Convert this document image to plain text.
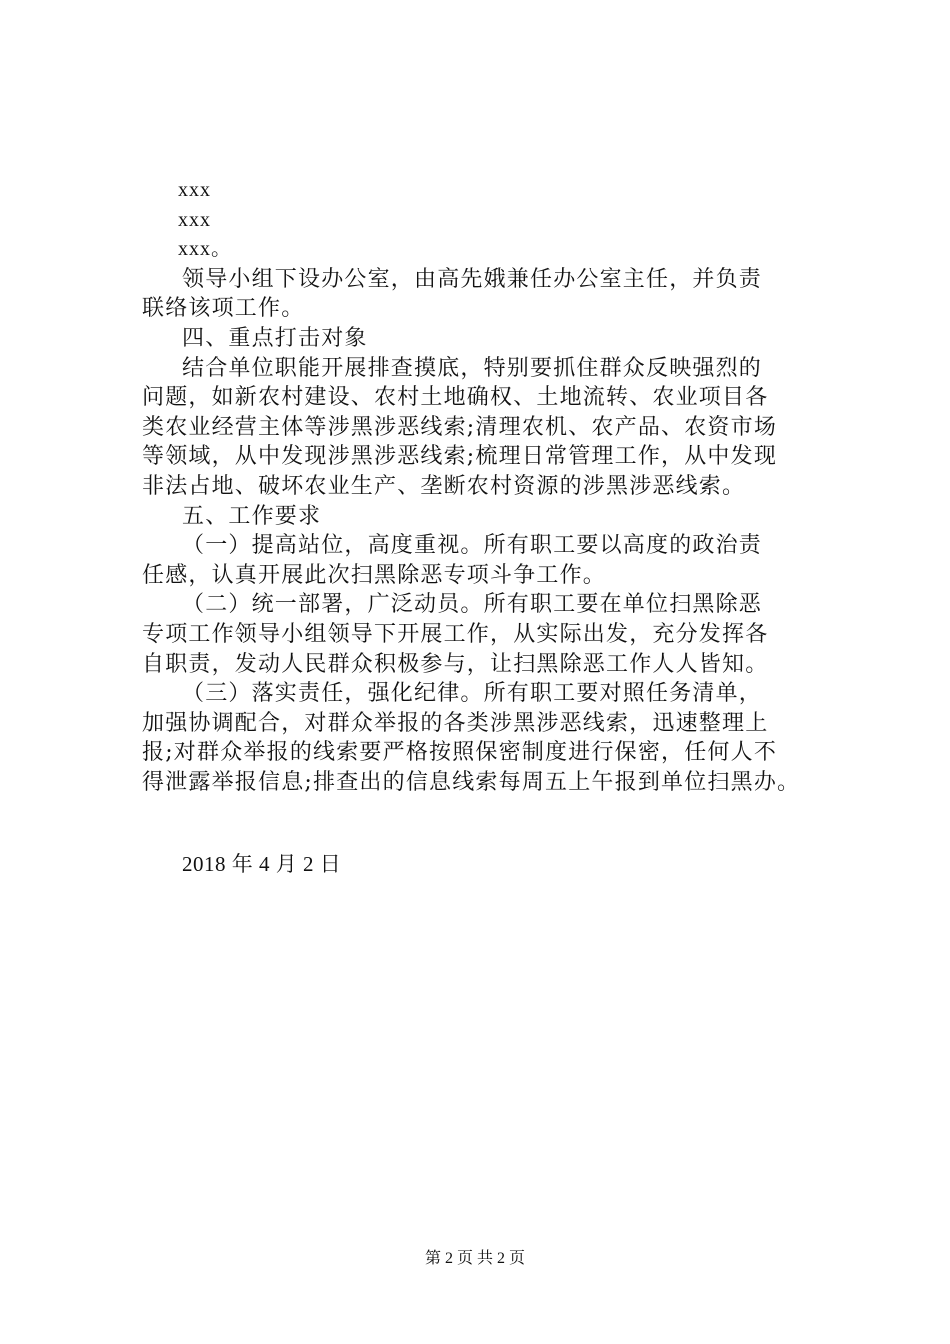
xxx
xxx
xxx。
领导小组下设办公室，由高先娥兼任办公室主任，并负责
联络该项工作。
四、重点打击对象
结合单位职能开展排查摸底，特别要抓住群众反映强烈的
问题，如新农村建设、农村土地确权、土地流转、农业项目各
类农业经营主体等涉黑涉恶线索;清理农机、农产品、农资市场
等领域，从中发现涉黑涉恶线索;梳理日常管理工作，从中发现
非法占地、破坏农业生产、垄断农村资源的涉黑涉恶线索。
五、工作要求
（一）提高站位，高度重视。所有职工要以高度的政治责
任感，认真开展此次扫黑除恶专项斗争工作。
（二）统一部署，广泛动员。所有职工要在单位扫黑除恶
专项工作领导小组领导下开展工作，从实际出发，充分发挥各
自职责，发动人民群众积极参与，让扫黑除恶工作人人皆知。
（三）落实责任，强化纪律。所有职工要对照任务清单，
加强协调配合，对群众举报的各类涉黑涉恶线索，迅速整理上
报;对群众举报的线索要严格按照保密制度进行保密，任何人不
得泄露举报信息;排查出的信息线索每周五上午报到单位扫黑办。
2018 年 4 月 2 日
第 2 页 共 2 页
